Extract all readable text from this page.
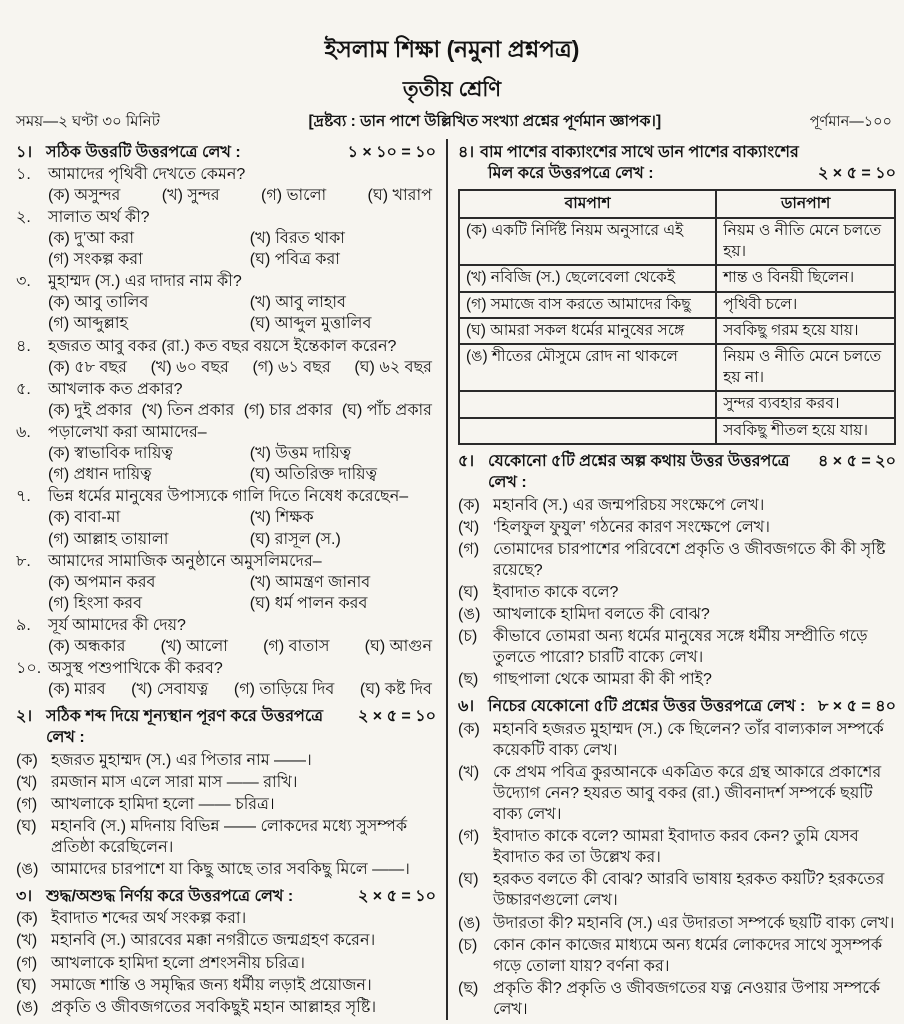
ইসলাম শিক্ষা (নমুনা প্রশ্নপত্র)
তৃতীয় শ্রেণি
সময়—২ ঘণ্টা ৩০ মিনিট	[দ্রষ্টব্য : ডান পাশে উল্লিখিত সংখ্যা প্রশ্নের পূর্ণমান জ্ঞাপক।]	পূর্ণমান—১০০
১। সঠিক উত্তরটি উত্তরপত্রে লেখ :	১ × ১০ = ১০
১.	আমাদের পৃথিবী দেখতে কেমন?
(ক) অসুন্দর	(খ) সুন্দর	(গ) ভালো	(ঘ) খারাপ
২.	সালাত অর্থ কী?
(ক) দু’আ করা	(খ) বিরত থাকা
(গ) সংকল্প করা	(ঘ) পবিত্র করা
৩.	মুহাম্মদ (স.) এর দাদার নাম কী?
(ক) আবু তালিব	(খ) আবু লাহাব
(গ) আব্দুল্লাহ	(ঘ) আব্দুল মুত্তালিব
৪.	হজরত আবু বকর (রা.) কত বছর বয়সে ইন্তেকাল করেন?
(ক) ৫৮ বছর (খ) ৬০ বছর (গ) ৬১ বছর (ঘ) ৬২ বছর
৫.	আখলাক কত প্রকার?
(ক) দুই প্রকার (খ) তিন প্রকার (গ) চার প্রকার (ঘ) পাঁচ প্রকার
৬.	পড়ালেখা করা আমাদের–
(ক) স্বাভাবিক দায়িত্ব	(খ) উত্তম দায়িত্ব
(গ) প্রধান দায়িত্ব	(ঘ) অতিরিক্ত দায়িত্ব
৭.	ভিন্ন ধর্মের মানুষের উপাস্যকে গালি দিতে নিষেধ করেছেন–
(ক) বাবা-মা	(খ) শিক্ষক
(গ) আল্লাহ তায়ালা	(ঘ) রাসূল (স.)
৮.	আমাদের সামাজিক অনুষ্ঠানে অমুসলিমদের–
(ক) অপমান করব	(খ) আমন্ত্রণ জানাব
(গ) হিংসা করব	(ঘ) ধর্ম পালন করব
৯.	সূর্য আমাদের কী দেয়?
(ক) অন্ধকার (খ) আলো (গ) বাতাস (ঘ) আগুন
১০. অসুস্থ পশুপাখিকে কী করব?
(ক) মারব (খ) সেবাযত্ন (গ) তাড়িয়ে দিব (ঘ) কষ্ট দিব
২। সঠিক শব্দ দিয়ে শূন্যস্থান পূরণ করে উত্তরপত্রে লেখ :
২ × ৫ = ১০
(ক) হজরত মুহাম্মদ (স.) এর পিতার নাম ——।
(খ) রমজান মাস এলে সারা মাস —— রাখি।
(গ) আখলাকে হামিদা হলো —— চরিত্র।
(ঘ) মহানবি (স.) মদিনায় বিভিন্ন —— লোকদের মধ্যে সুসম্পর্ক প্রতিষ্ঠা করেছিলেন।
(ঙ) আমাদের চারপাশে যা কিছু আছে তার সবকিছু মিলে ——।
৩। শুদ্ধ/অশুদ্ধ নির্ণয় করে উত্তরপত্রে লেখ :	২ × ৫ = ১০
(ক) ইবাদাত শব্দের অর্থ সংকল্প করা।
(খ) মহানবি (স.) আরবের মক্কা নগরীতে জন্মগ্রহণ করেন।
(গ) আখলাকে হামিদা হলো প্রশংসনীয় চরিত্র।
(ঘ) সমাজে শান্তি ও সমৃদ্ধির জন্য ধর্মীয় লড়াই প্রয়োজন।
(ঙ) প্রকৃতি ও জীবজগতের সবকিছুই মহান আল্লাহর সৃষ্টি।
৪। বাম পাশের বাক্যাংশের সাথে ডান পাশের বাক্যাংশের মিল করে উত্তরপত্রে লেখ :	২ × ৫ = ১০
বামপাশ	ডানপাশ
(ক) একটি নির্দিষ্ট নিয়ম অনুসারে এই	নিয়ম ও নীতি মেনে চলতে হয়।
(খ) নবিজি (স.) ছেলেবেলা থেকেই	শান্ত ও বিনয়ী ছিলেন।
(গ) সমাজে বাস করতে আমাদের কিছু	পৃথিবী চলে।
(ঘ) আমরা সকল ধর্মের মানুষের সঙ্গে	সবকিছু গরম হয়ে যায়।
(ঙ) শীতের মৌসুমে রোদ না থাকলে	নিয়ম ও নীতি মেনে চলতে হয় না।
	সুন্দর ব্যবহার করব।
	সবকিছু শীতল হয়ে যায়।
৫। যেকোনো ৫টি প্রশ্নের অল্প কথায় উত্তর উত্তরপত্রে লেখ :
৪ × ৫ = ২০
(ক) মহানবি (স.) এর জন্মপরিচয় সংক্ষেপে লেখ।
(খ) ‘হিলফুল ফুযুল’ গঠনের কারণ সংক্ষেপে লেখ।
(গ) তোমাদের চারপাশের পরিবেশে প্রকৃতি ও জীবজগতে কী কী সৃষ্টি রয়েছে?
(ঘ) ইবাদাত কাকে বলে?
(ঙ) আখলাকে হামিদা বলতে কী বোঝ?
(চ) কীভাবে তোমরা অন্য ধর্মের মানুষের সঙ্গে ধর্মীয় সম্প্রীতি গড়ে তুলতে পারো? চারটি বাক্যে লেখ।
(ছ) গাছপালা থেকে আমরা কী কী পাই?
৬। নিচের যেকোনো ৫টি প্রশ্নের উত্তর উত্তরপত্রে লেখ : ৮ × ৫ = ৪০
(ক) মহানবি হজরত মুহাম্মদ (স.) কে ছিলেন? তাঁর বাল্যকাল সম্পর্কে কয়েকটি বাক্য লেখ।
(খ) কে প্রথম পবিত্র কুরআনকে একত্রিত করে গ্রন্থ আকারে প্রকাশের উদ্যোগ নেন? হযরত আবু বকর (রা.) জীবনাদর্শ সম্পর্কে ছয়টি বাক্য লেখ।
(গ) ইবাদাত কাকে বলে? আমরা ইবাদাত করব কেন? তুমি যেসব ইবাদাত কর তা উল্লেখ কর।
(ঘ) হরকত বলতে কী বোঝ? আরবি ভাষায় হরকত কয়টি? হরকতের উচ্চারণগুলো লেখ।
(ঙ) উদারতা কী? মহানবি (স.) এর উদারতা সম্পর্কে ছয়টি বাক্য লেখ।
(চ) কোন কোন কাজের মাধ্যমে অন্য ধর্মের লোকদের সাথে সুসম্পর্ক গড়ে তোলা যায়? বর্ণনা কর।
(ছ) প্রকৃতি কী? প্রকৃতি ও জীবজগতের যত্ন নেওয়ার উপায় সম্পর্কে লেখ।
